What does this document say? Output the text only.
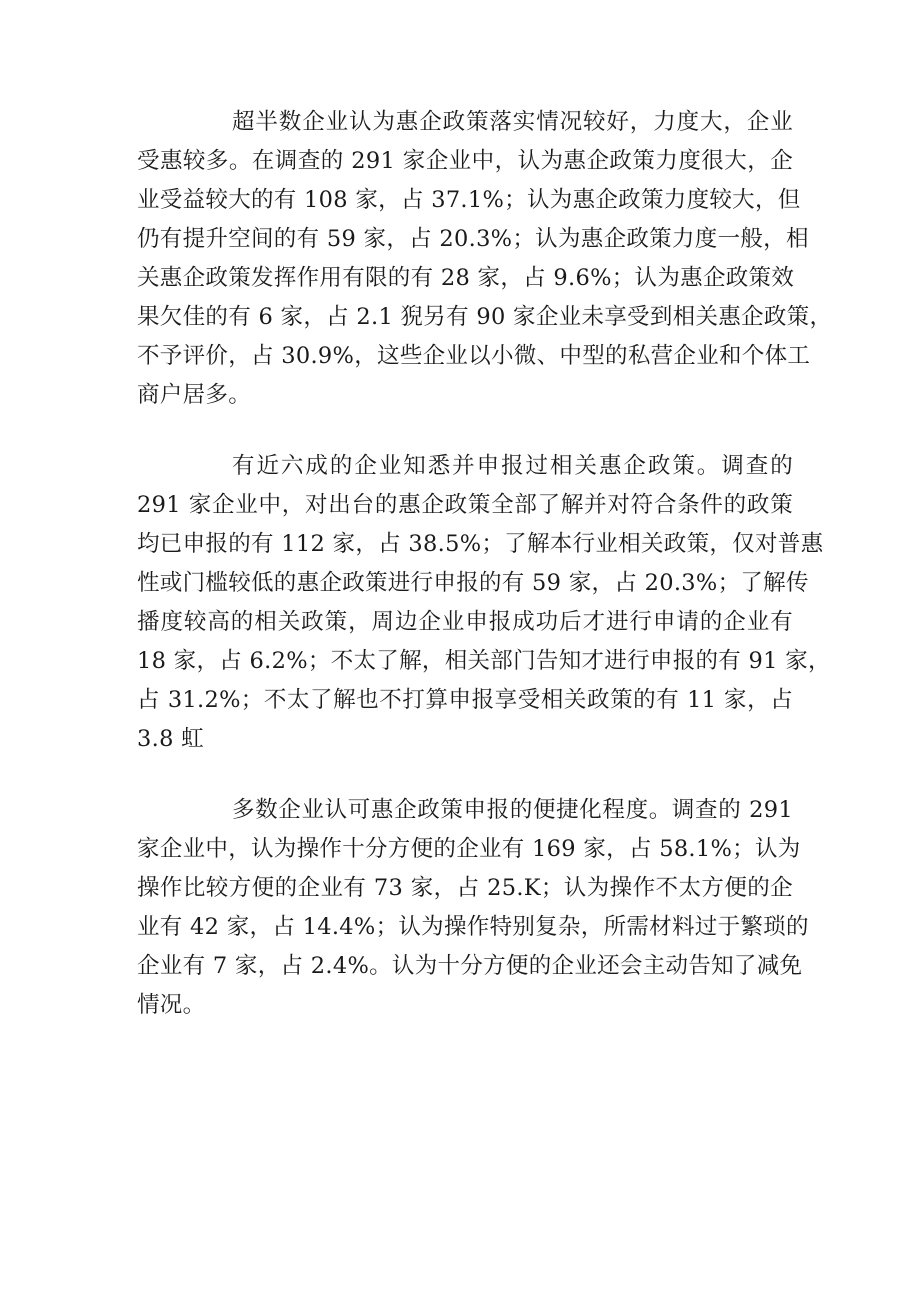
超半数企业认为惠企政策落实情况较好，力度大，企业
受惠较多。在调查的 291 家企业中，认为惠企政策力度很大，企
业受益较大的有 108 家，占 37.1%；认为惠企政策力度较大，但
仍有提升空间的有 59 家，占 20.3%；认为惠企政策力度一般，相
关惠企政策发挥作用有限的有 28 家，占 9.6%；认为惠企政策效
果欠佳的有 6 家，占 2.1 猊另有 90 家企业未享受到相关惠企政策，
不予评价，占 30.9%，这些企业以小微、中型的私营企业和个体工
商户居多。
有近六成的企业知悉并申报过相关惠企政策。调查的
291 家企业中，对出台的惠企政策全部了解并对符合条件的政策
均已申报的有 112 家，占 38.5%；了解本行业相关政策，仅对普惠
性或门槛较低的惠企政策进行申报的有 59 家，占 20.3%；了解传
播度较高的相关政策，周边企业申报成功后才进行申请的企业有
18 家，占 6.2%；不太了解，相关部门告知才进行申报的有 91 家，
占 31.2%；不太了解也不打算申报享受相关政策的有 11 家，占
3.8 虹
多数企业认可惠企政策申报的便捷化程度。调查的 291
家企业中，认为操作十分方便的企业有 169 家，占 58.1%；认为
操作比较方便的企业有 73 家，占 25.K；认为操作不太方便的企
业有 42 家，占 14.4%；认为操作特别复杂，所需材料过于繁琐的
企业有 7 家，占 2.4%。认为十分方便的企业还会主动告知了减免
情况。
